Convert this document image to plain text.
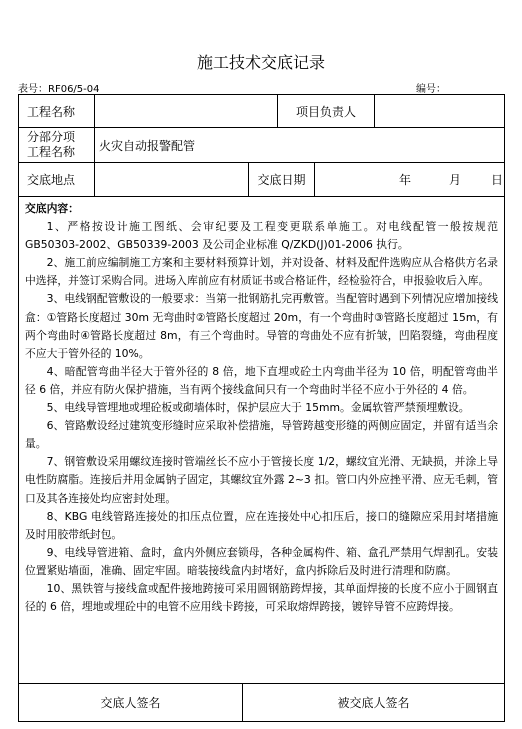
施工技术交底记录
表号：RF06/5-04	编号：
工程名称	项目负责人
分部分项
工程名称	火灾自动报警配管
交底地点	交底日期	年	月 日
交底内容：

1、严格按设计施工图纸、会审纪要及工程变更联系单施工。对电线配管一般按规范 GB50303-2002、GB50339-2003 及公司企业标准 Q/ZKD(J)01-2006 执行。

2、施工前应编制施工方案和主要材料预算计划，并对设备、材料及配件选购应从合格供方名录中选择，并签订采购合同。进场入库前应有材质证书或合格证件，经检验符合，申报验收后入库。

3、电线钢配管敷设的一般要求：当第一批钢筋扎完再敷管。当配管时遇到下列情况应增加接线盒：①管路长度超过 30m 无弯曲时②管路长度超过 20m，有一个弯曲时③管路长度超过 15m，有两个弯曲时④管路长度超过 8m，有三个弯曲时。导管的弯曲处不应有折皱，凹陷裂缝，弯曲程度不应大于管外径的 10%。

4、暗配管弯曲半径大于管外径的 8 倍，地下直埋或砼土内弯曲半径为 10 倍，明配管弯曲半径 6 倍，并应有防火保护措施，当有两个接线盒间只有一个弯曲时半径不应小于外径的 4 倍。

5、电线导管埋地或埋砼板或砌墙体时，保护层应大于 15mm。金属软管严禁预埋敷设。

6、管路敷设经过建筑变形缝时应采取补偿措施，导管跨越变形缝的两侧应固定，并留有适当余量。

7、钢管敷设采用螺纹连接时管端丝长不应小于管接长度 1/2，螺纹宜光滑、无缺损，并涂上导电性防腐脂。连接后并用金属钠子固定，其螺纹宜外露 2~3 扣。管口内外应挫平滑、应无毛刺，管口及其各连接处均应密封处理。

8、KBG 电线管路连接处的扣压点位置，应在连接处中心扣压后，接口的缝隙应采用封堵措施及时用胶带纸封包。

9、电线导管进箱、盒时，盒内外侧应套锁母，各种金属构件、箱、盒孔严禁用气焊割孔。安装位置紧贴墙面，准确、固定牢固。暗装接线盒内封堵好，盒内拆除后及时进行清理和防腐。

10、黑铁管与接线盒或配件接地跨接可采用圆钢筋跨焊接，其单面焊接的长度不应小于圆钢直径的 6 倍，埋地或埋砼中的电管不应用线卡跨接，可采取熔焊跨接，镀锌导管不应跨焊接。

交底人签名	被交底人签名
